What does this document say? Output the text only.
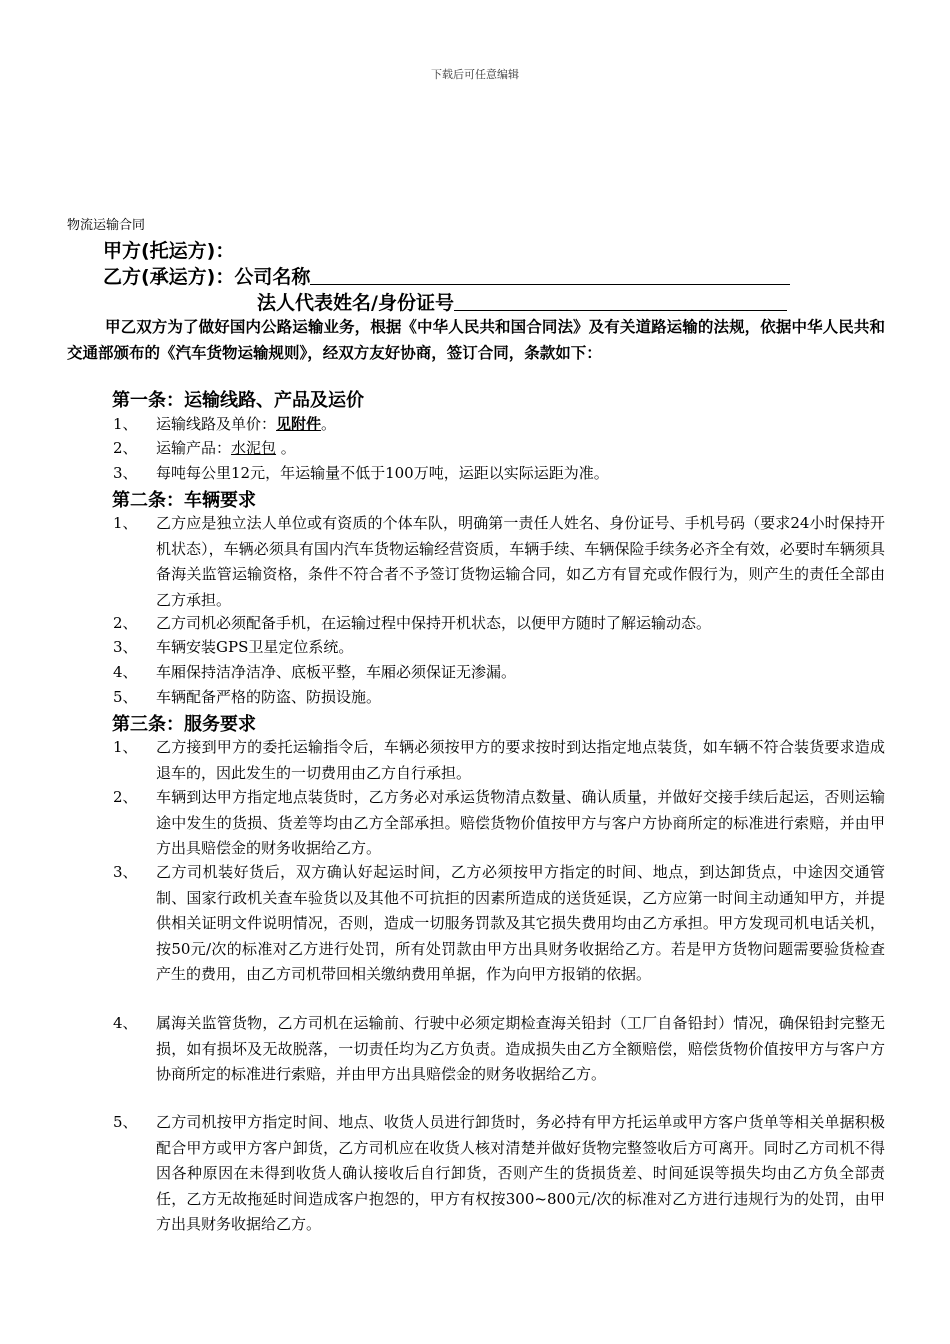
下载后可任意编辑
物流运输合同
甲方(托运方)：
乙方(承运方)：公司名称
法人代表姓名/身份证号
甲乙双方为了做好国内公路运输业务，根据《中华人民共和国合同法》及有关道路运输的法规，依据中华人民共和交通部颁布的《汽车货物运输规则》，经双方友好协商，签订合同，条款如下：
第一条：运输线路、产品及运价
1、 运输线路及单价：见附件。
2、 运输产品：水泥包 。
3、 每吨每公里12元，年运输量不低于100万吨，运距以实际运距为准。
第二条：车辆要求
1、 乙方应是独立法人单位或有资质的个体车队，明确第一责任人姓名、身份证号、手机号码（要求24小时保持开机状态），车辆必须具有国内汽车货物运输经营资质，车辆手续、车辆保险手续务必齐全有效，必要时车辆须具备海关监管运输资格，条件不符合者不予签订货物运输合同，如乙方有冒充或作假行为，则产生的责任全部由乙方承担。
2、 乙方司机必须配备手机，在运输过程中保持开机状态，以便甲方随时了解运输动态。
3、 车辆安装GPS卫星定位系统。
4、 车厢保持洁净洁净、底板平整，车厢必须保证无渗漏。
5、 车辆配备严格的防盗、防损设施。
第三条：服务要求
1、 乙方接到甲方的委托运输指令后，车辆必须按甲方的要求按时到达指定地点装货，如车辆不符合装货要求造成退车的，因此发生的一切费用由乙方自行承担。
2、 车辆到达甲方指定地点装货时，乙方务必对承运货物清点数量、确认质量，并做好交接手续后起运，否则运输途中发生的货损、货差等均由乙方全部承担。赔偿货物价值按甲方与客户方协商所定的标准进行索赔，并由甲方出具赔偿金的财务收据给乙方。
3、 乙方司机装好货后，双方确认好起运时间，乙方必须按甲方指定的时间、地点，到达卸货点，中途因交通管制、国家行政机关查车验货以及其他不可抗拒的因素所造成的送货延误，乙方应第一时间主动通知甲方，并提供相关证明文件说明情况，否则，造成一切服务罚款及其它损失费用均由乙方承担。甲方发现司机电话关机，按50元/次的标准对乙方进行处罚，所有处罚款由甲方出具财务收据给乙方。若是甲方货物问题需要验货检查产生的费用，由乙方司机带回相关缴纳费用单据，作为向甲方报销的依据。
4、 属海关监管货物，乙方司机在运输前、行驶中必须定期检查海关铅封（工厂自备铅封）情况，确保铅封完整无损，如有损坏及无故脱落，一切责任均为乙方负责。造成损失由乙方全额赔偿，赔偿货物价值按甲方与客户方协商所定的标准进行索赔，并由甲方出具赔偿金的财务收据给乙方。
5、 乙方司机按甲方指定时间、地点、收货人员进行卸货时，务必持有甲方托运单或甲方客户货单等相关单据积极配合甲方或甲方客户卸货，乙方司机应在收货人核对清楚并做好货物完整签收后方可离开。同时乙方司机不得因各种原因在未得到收货人确认接收后自行卸货，否则产生的货损货差、时间延误等损失均由乙方负全部责任，乙方无故拖延时间造成客户抱怨的，甲方有权按300~800元/次的标准对乙方进行违规行为的处罚，由甲方出具财务收据给乙方。
